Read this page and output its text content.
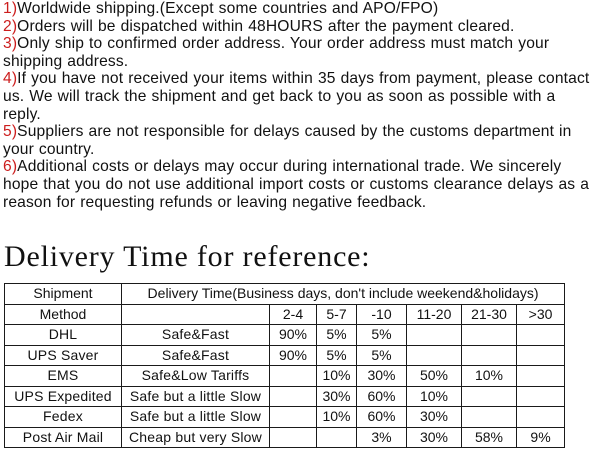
1)Worldwide shipping.(Except some countries and APO/FPO)

2)Orders will be dispatched within 48HOURS after the payment cleared.

3)Only ship to confirmed order address. Your order address must match your shipping address.

4)If you have not received your items within 35 days from payment, please contact us. We will track the shipment and get back to you as soon as possible with a reply.

5)Suppliers are not responsible for delays caused by the customs department in your country.

6)Additional costs or delays may occur during international trade. We sincerely hope that you do not use additional import costs or customs clearance delays as a reason for requesting refunds or leaving negative feedback.

Delivery Time for reference:
Shipment	Delivery Time(Business days, don't include weekend&holidays)						
Method		2-4	5-7	-10	11-20	21-30	>30
DHL	Safe&Fast	90%	5%	5%			
UPS Saver	Safe&Fast	90%	5%	5%			
EMS	Safe&Low Tariffs		10%	30%	50%	10%	
UPS Expedited	Safe but a little Slow		30%	60%	10%		
Fedex	Safe but a little Slow		10%	60%	30%		
Post Air Mail	Cheap but very Slow			3%	30%	58%	9%
